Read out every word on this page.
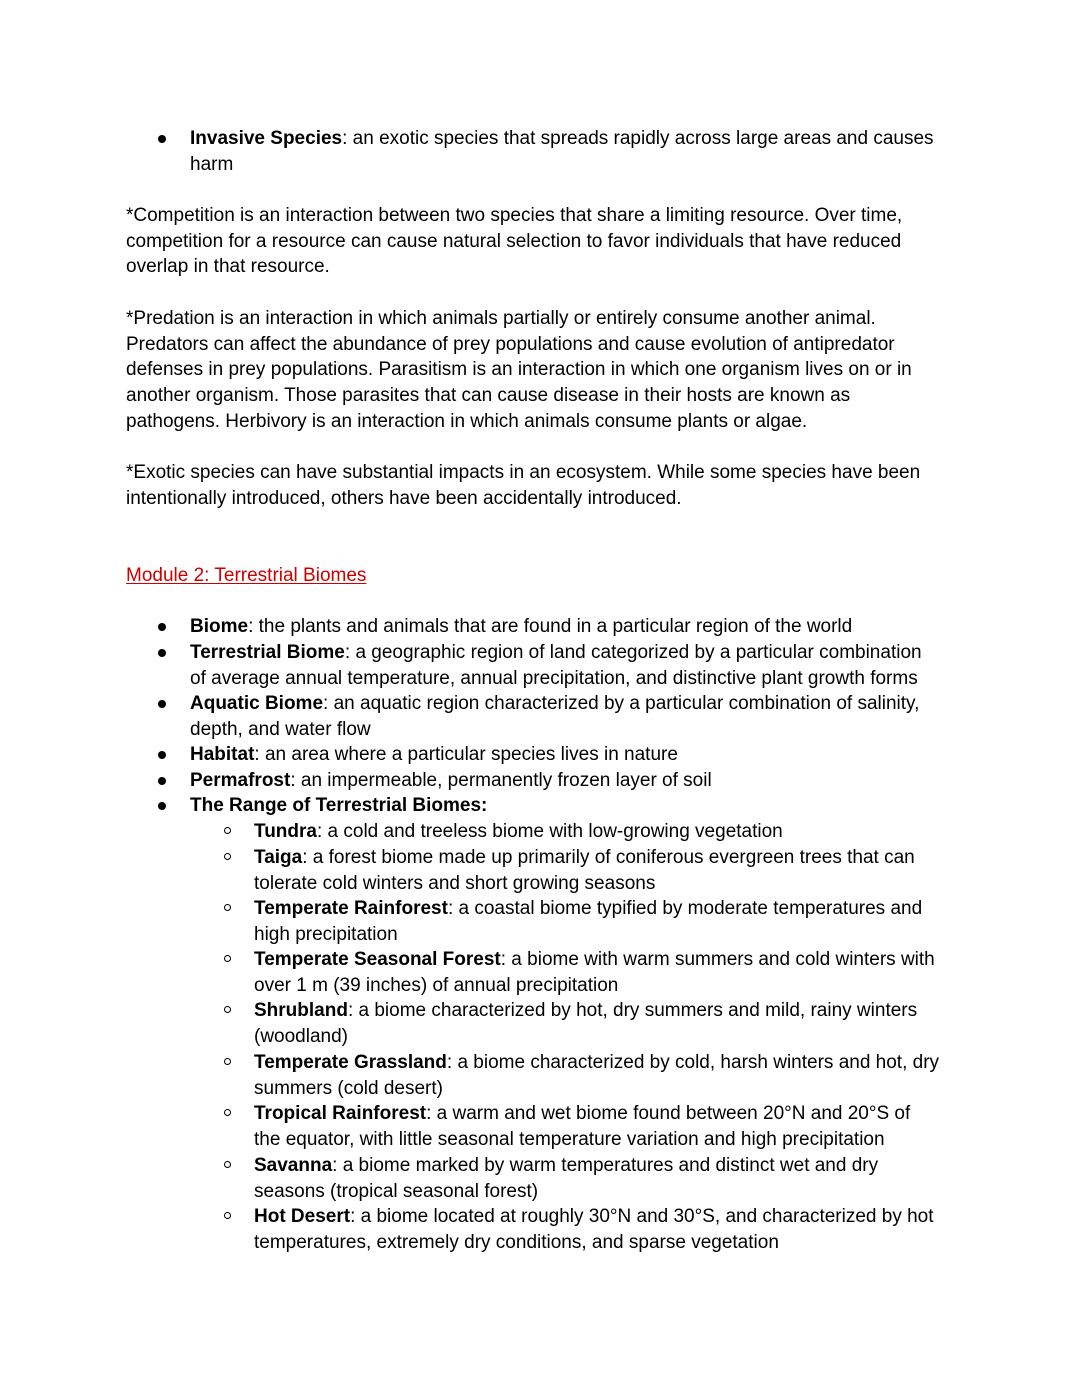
Invasive Species: an exotic species that spreads rapidly across large areas and causes harm

*Competition is an interaction between two species that share a limiting resource. Over time, competition for a resource can cause natural selection to favor individuals that have reduced overlap in that resource.

*Predation is an interaction in which animals partially or entirely consume another animal. Predators can affect the abundance of prey populations and cause evolution of antipredator defenses in prey populations. Parasitism is an interaction in which one organism lives on or in another organism. Those parasites that can cause disease in their hosts are known as pathogens. Herbivory is an interaction in which animals consume plants or algae.

*Exotic species can have substantial impacts in an ecosystem. While some species have been intentionally introduced, others have been accidentally introduced.

Module 2: Terrestrial Biomes
Biome: the plants and animals that are found in a particular region of the world
Terrestrial Biome: a geographic region of land categorized by a particular combination of average annual temperature, annual precipitation, and distinctive plant growth forms
Aquatic Biome: an aquatic region characterized by a particular combination of salinity, depth, and water flow
Habitat: an area where a particular species lives in nature
Permafrost: an impermeable, permanently frozen layer of soil
The Range of Terrestrial Biomes:
Tundra: a cold and treeless biome with low-growing vegetation
Taiga: a forest biome made up primarily of coniferous evergreen trees that can tolerate cold winters and short growing seasons
Temperate Rainforest: a coastal biome typified by moderate temperatures and high precipitation
Temperate Seasonal Forest: a biome with warm summers and cold winters with over 1 m (39 inches) of annual precipitation
Shrubland: a biome characterized by hot, dry summers and mild, rainy winters (woodland)
Temperate Grassland: a biome characterized by cold, harsh winters and hot, dry summers (cold desert)
Tropical Rainforest: a warm and wet biome found between 20°N and 20°S of the equator, with little seasonal temperature variation and high precipitation
Savanna: a biome marked by warm temperatures and distinct wet and dry seasons (tropical seasonal forest)
Hot Desert: a biome located at roughly 30°N and 30°S, and characterized by hot temperatures, extremely dry conditions, and sparse vegetation
